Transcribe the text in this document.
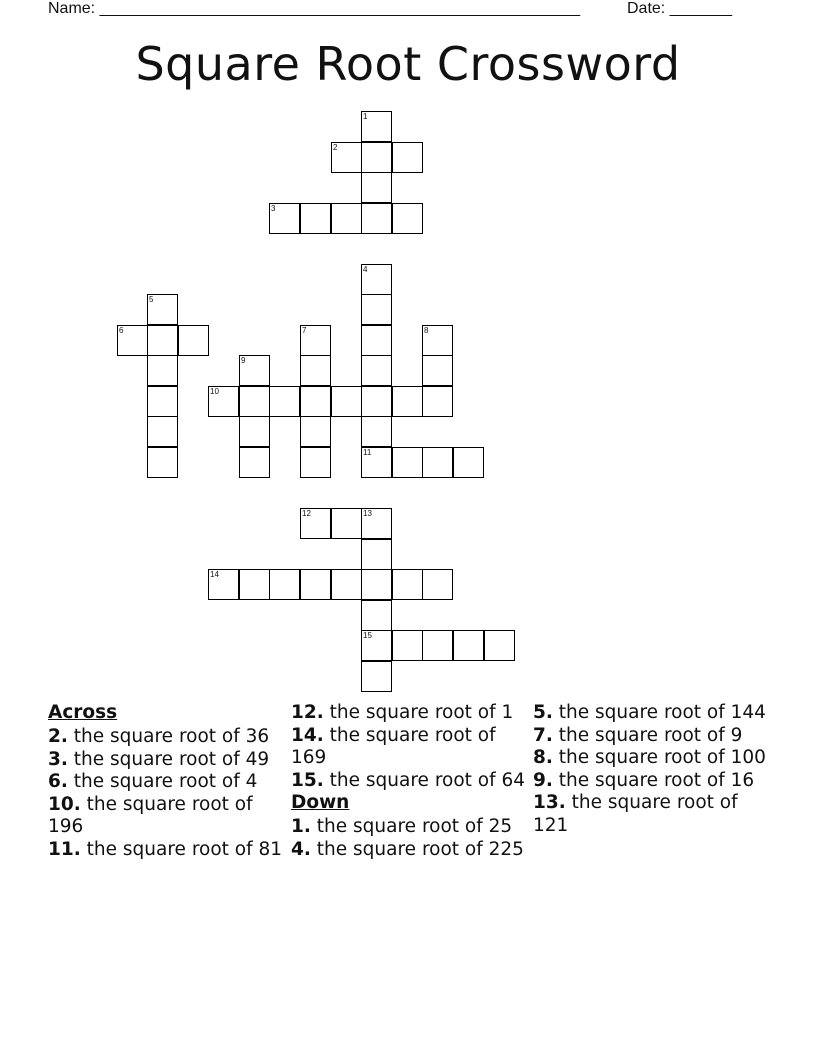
Name: ______________________________________________________	Date: _______
Square Root Crossword
1
2
3
4
5
6	7	8
9
10
11
12	13
14
15
Across
2. the square root of 36
3. the square root of 49
6. the square root of 4
10. the square root of 196
11. the square root of 81
12. the square root of 1
14. the square root of 169
15. the square root of 64
Down
1. the square root of 25
4. the square root of 225
5. the square root of 144
7. the square root of 9
8. the square root of 100
9. the square root of 16
13. the square root of 121
